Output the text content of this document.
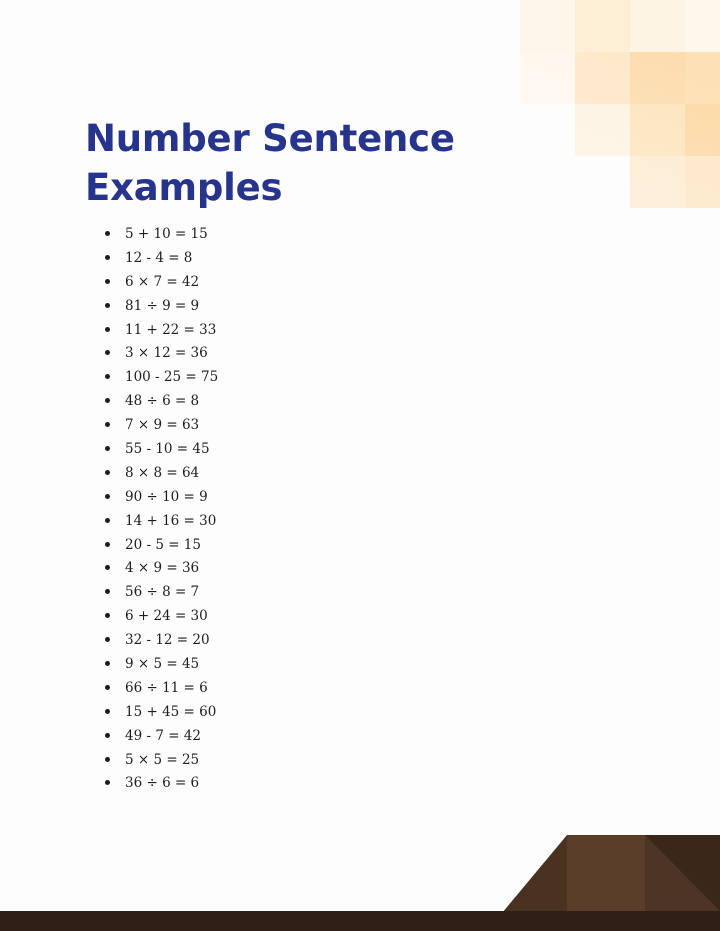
Number Sentence
Examples
5 + 10 = 15
12 - 4 = 8
6 × 7 = 42
81 ÷ 9 = 9
11 + 22 = 33
3 × 12 = 36
100 - 25 = 75
48 ÷ 6 = 8
7 × 9 = 63
55 - 10 = 45
8 × 8 = 64
90 ÷ 10 = 9
14 + 16 = 30
20 - 5 = 15
4 × 9 = 36
56 ÷ 8 = 7
6 + 24 = 30
32 - 12 = 20
9 × 5 = 45
66 ÷ 11 = 6
15 + 45 = 60
49 - 7 = 42
5 × 5 = 25
36 ÷ 6 = 6
